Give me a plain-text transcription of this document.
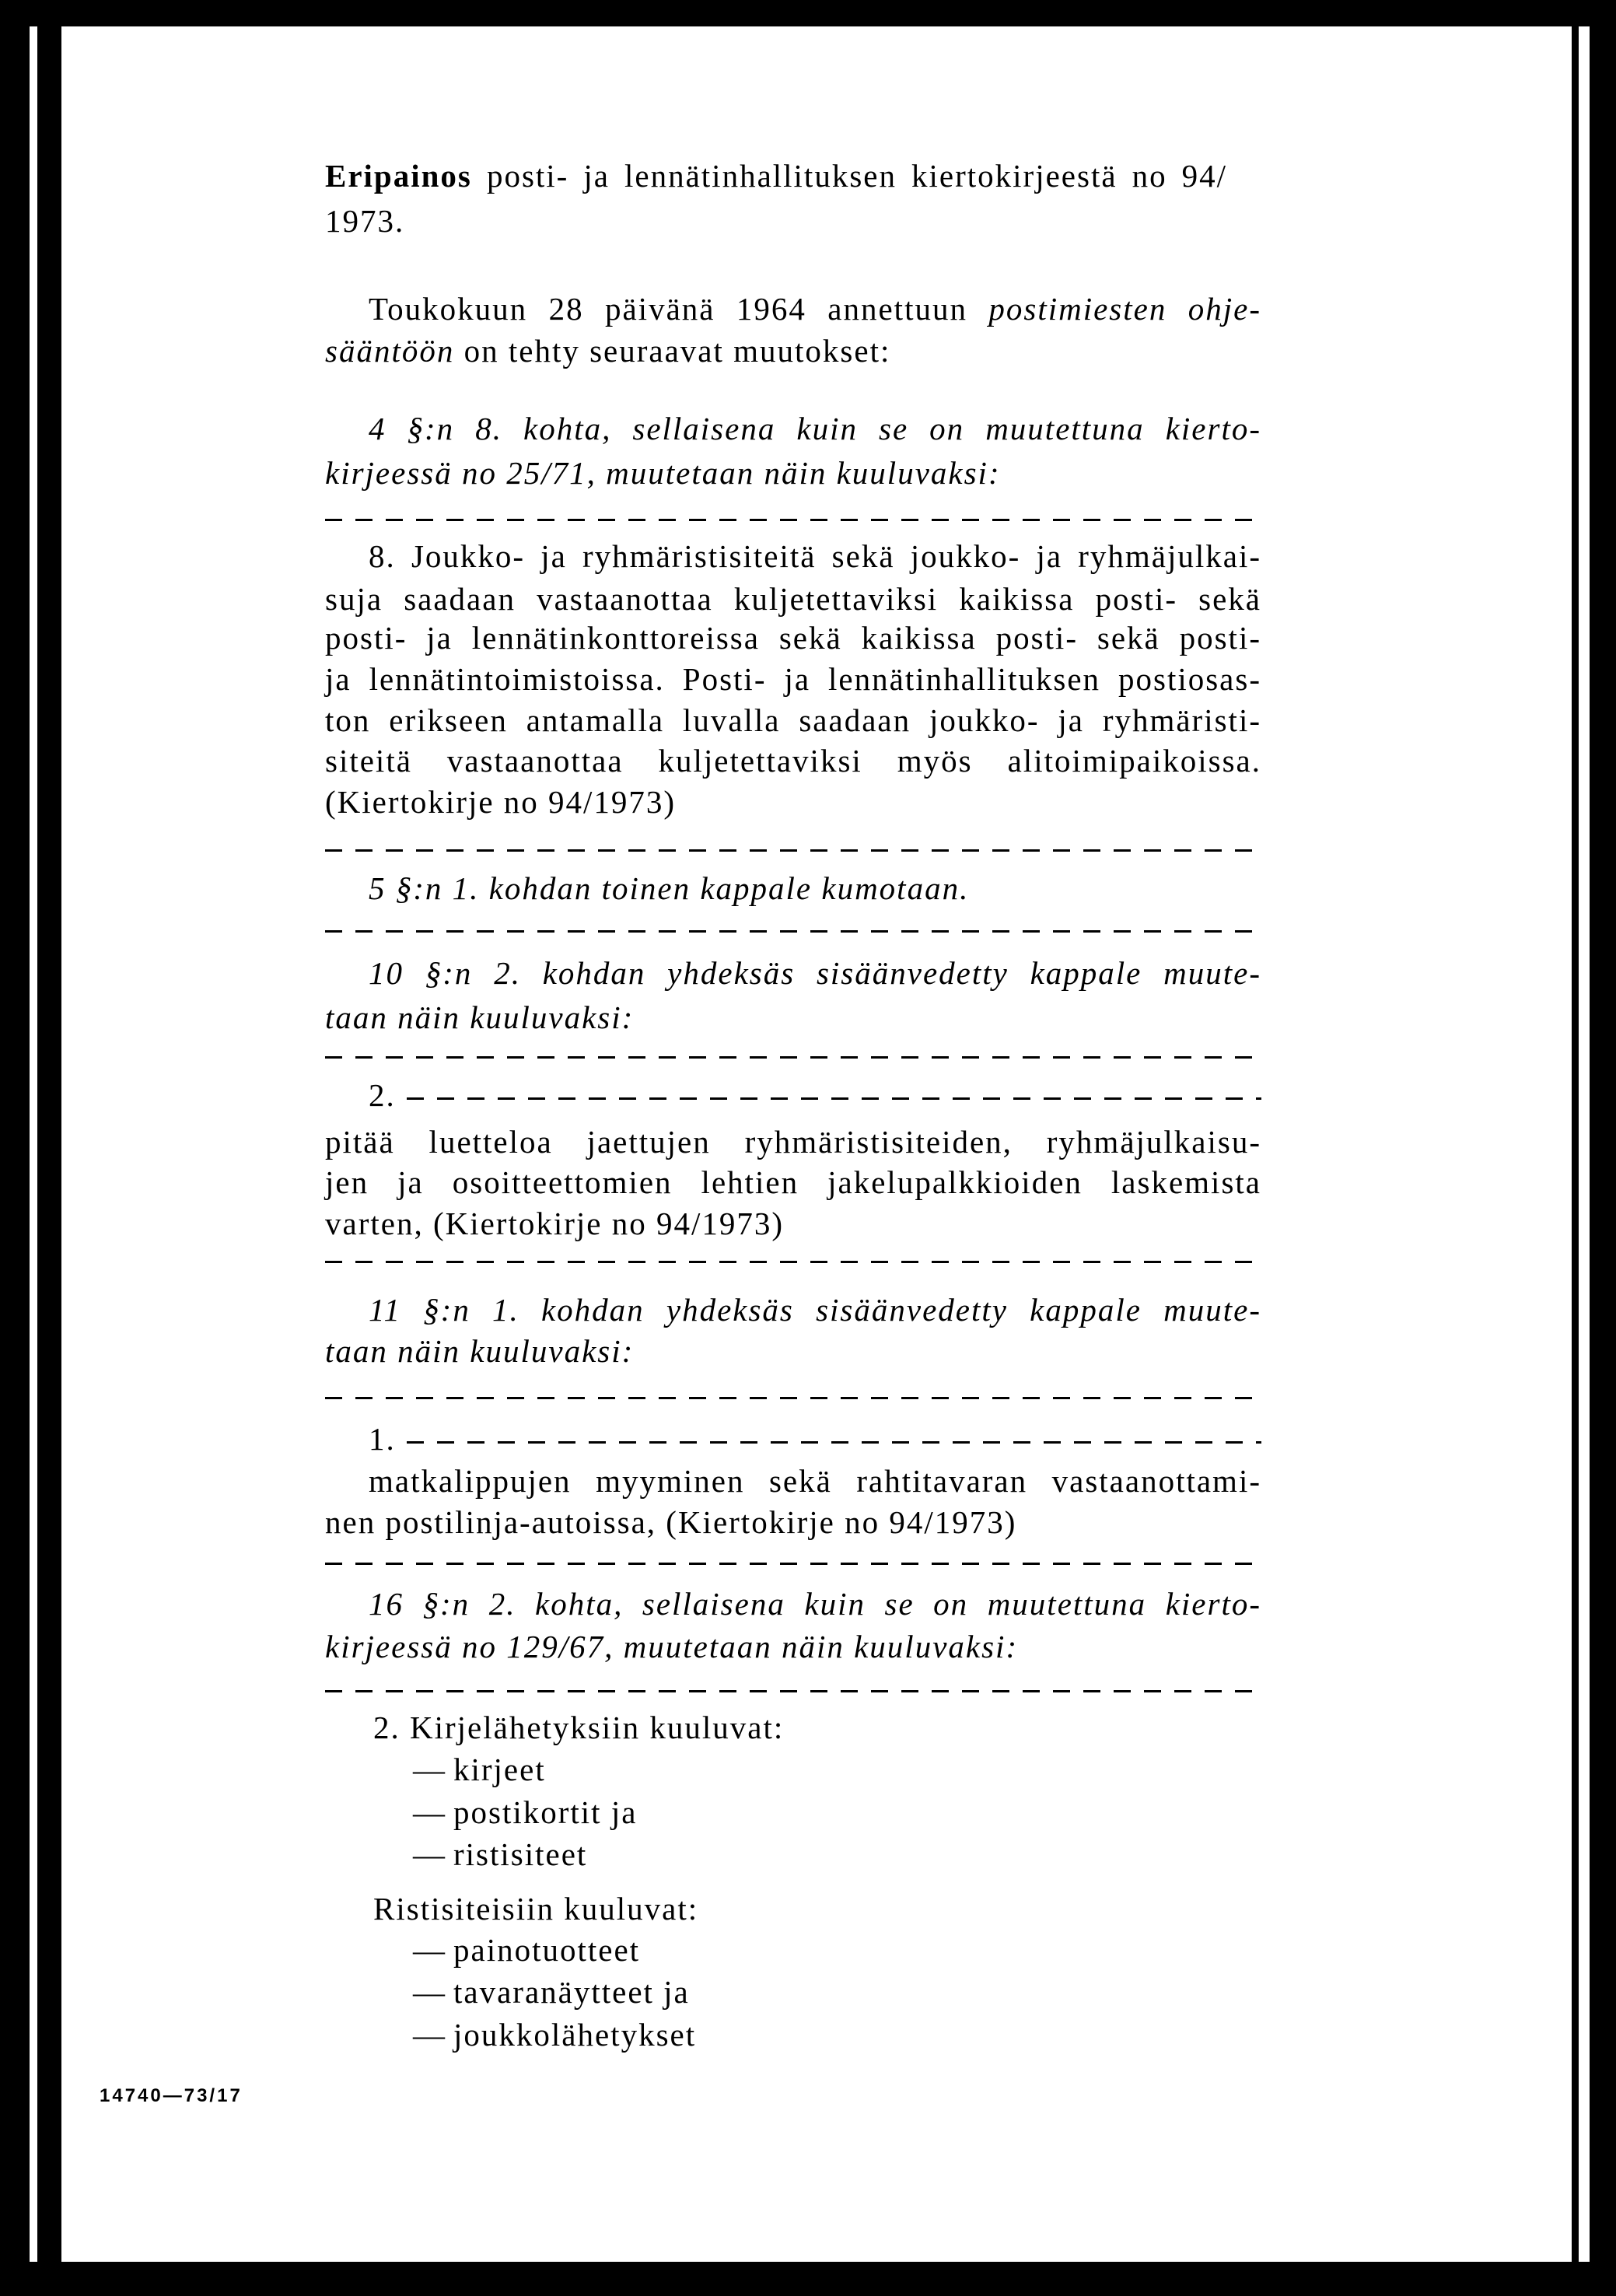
Eripainos posti- ja lennätinhallituksen kiertokirjeestä no 94/
1973.
Toukokuun 28 päivänä 1964 annettuun postimiesten ohje-
sääntöön on tehty seuraavat muutokset:
4 §:n 8. kohta, sellaisena kuin se on muutettuna kierto-
kirjeessä no 25/71, muutetaan näin kuuluvaksi:
8. Joukko- ja ryhmäristisiteitä sekä joukko- ja ryhmäjulkai-
suja saadaan vastaanottaa kuljetettaviksi kaikissa posti- sekä
posti- ja lennätinkonttoreissa sekä kaikissa posti- sekä posti-
ja lennätintoimistoissa. Posti- ja lennätinhallituksen postiosas-
ton erikseen antamalla luvalla saadaan joukko- ja ryhmäristi-
siteitä vastaanottaa kuljetettaviksi myös alitoimipaikoissa.
(Kiertokirje no 94/1973)
5 §:n 1. kohdan toinen kappale kumotaan.
10 §:n 2. kohdan yhdeksäs sisäänvedetty kappale muute-
taan näin kuuluvaksi:
2.
pitää luetteloa jaettujen ryhmäristisiteiden, ryhmäjulkaisu-
jen ja osoitteettomien lehtien jakelupalkkioiden laskemista
varten, (Kiertokirje no 94/1973)
11 §:n 1. kohdan yhdeksäs sisäänvedetty kappale muute-
taan näin kuuluvaksi:
1.
matkalippujen myyminen sekä rahtitavaran vastaanottami-
nen postilinja-autoissa, (Kiertokirje no 94/1973)
16 §:n 2. kohta, sellaisena kuin se on muutettuna kierto-
kirjeessä no 129/67, muutetaan näin kuuluvaksi:
2. Kirjelähetyksiin kuuluvat:
— kirjeet
— postikortit ja
— ristisiteet
Ristisiteisiin kuuluvat:
— painotuotteet
— tavaranäytteet ja
— joukkolähetykset
14740—73/17
